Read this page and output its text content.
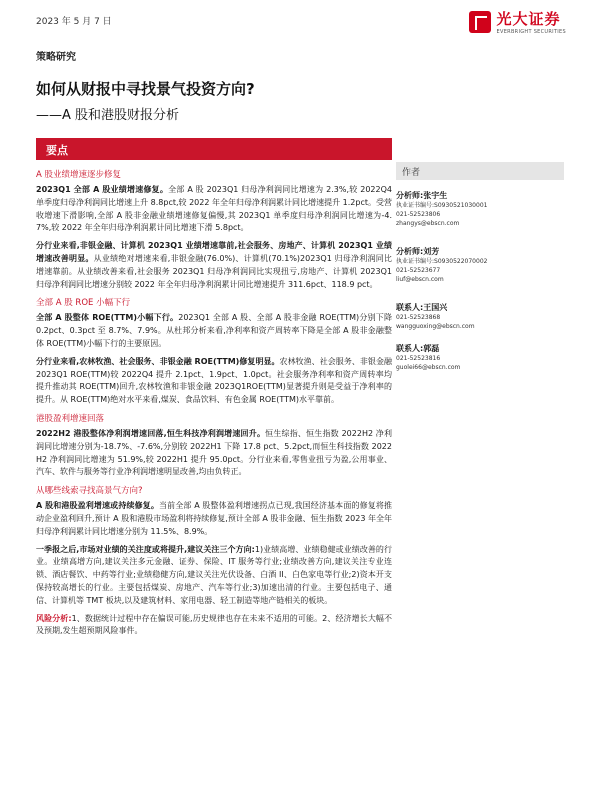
2023 年 5 月 7 日	光大证券
EVERBRIGHT SECURITIES
策略研究
如何从财报中寻找景气投资方向?
——A 股和港股财报分析
要点
作者
A 股业绩增速逐步修复

2023Q1 全部 A 股业绩增速修复。全部 A 股 2023Q1 归母净利润同比增速为 2.3%,较 2022Q4 单季度归母净利润同比增速上升 8.8pct,较 2022 年全年归母净利润累计同比增速提升 1.2pct。受营收增速下滑影响,全部 A 股非金融业绩增速修复偏慢,其 2023Q1 单季度归母净利润同比增速为-4.7%,较 2022 年全年归母净利润累计同比增速下滑 5.8pct。

分行业来看,非银金融、计算机 2023Q1 业绩增速靠前,社会服务、房地产、计算机 2023Q1 业绩增速改善明显。从业绩绝对增速来看,非银金融(76.0%)、计算机(70.1%)2023Q1 归母净利润同比增速靠前。从业绩改善来看,社会服务 2023Q1 归母净利润同比实现扭亏,房地产、计算机 2023Q1 归母净利润同比增速分别较 2022 年全年归母净利润累计同比增速提升 311.6pct、118.9 pct。

全部 A 股 ROE 小幅下行

全部 A 股整体 ROE(TTM)小幅下行。2023Q1 全部 A 股、全部 A 股非金融 ROE(TTM)分别下降 0.2pct、0.3pct 至 8.7%、7.9%。从杜邦分析来看,净利率和资产周转率下降是全部 A 股非金融整体 ROE(TTM)小幅下行的主要原因。

分行业来看,农林牧渔、社会服务、非银金融 ROE(TTM)修复明显。农林牧渔、社会服务、非银金融 2023Q1 ROE(TTM)较 2022Q4 提升 2.1pct、1.9pct、1.0pct。社会服务净利率和资产周转率均提升推动其 ROE(TTM)回升,农林牧渔和非银金融 2023Q1ROE(TTM)显著提升则是受益于净利率的提升。从 ROE(TTM)绝对水平来看,煤炭、食品饮料、有色金属 ROE(TTM)水平靠前。

港股盈利增速回落

2022H2 港股整体净利润增速回落,恒生科技净利润增速回升。恒生综指、恒生指数 2022H2 净利润同比增速分别为-18.7%、-7.6%,分别较 2022H1 下降 17.8 pct、5.2pct,而恒生科技指数 2022H2 净利润同比增速为 51.9%,较 2022H1 提升 95.0pct。分行业来看,零售业扭亏为盈,公用事业、汽车、软件与服务等行业净利润增速明显改善,均由负转正。

从哪些线索寻找高景气方向?

A 股和港股盈利增速或持续修复。当前全部 A 股整体盈利增速拐点已现,我国经济基本面的修复将推动企业盈利回升,预计 A 股和港股市场盈利将持续修复,预计全部 A 股非金融、恒生指数 2023 年全年归母净利润累计同比增速分别为 11.5%、8.9%。

一季报之后,市场对业绩的关注度或将提升,建议关注三个方向:1)业绩高增、业绩稳健或业绩改善的行业。业绩高增方向,建议关注多元金融、证券、保险、IT 服务等行业;业绩改善方向,建议关注专业连锁、酒店餐饮、中药等行业;业绩稳健方向,建议关注光伏设备、白酒 II、白色家电等行业;2)资本开支保持较高增长的行业。主要包括煤炭、房地产、汽车等行业;3)加速出清的行业。主要包括电子、通信、计算机等 TMT 板块,以及建筑材料、家用电器、轻工制造等地产链相关的板块。

风险分析:1、数据统计过程中存在偏误可能,历史规律也存在未来不适用的可能。2、经济增长大幅不及预期,发生超预期风险事件。

分析师:张宇生
执业证书编号:S0930521030001
021-52523806
zhangys@ebscn.com
分析师:刘芳
执业证书编号:S0930522070002
021-52523677
liuf@ebscn.com
联系人:王国兴
021-52523868
wangguoxing@ebscn.com
联系人:郭磊
021-52523816
guolei66@ebscn.com
